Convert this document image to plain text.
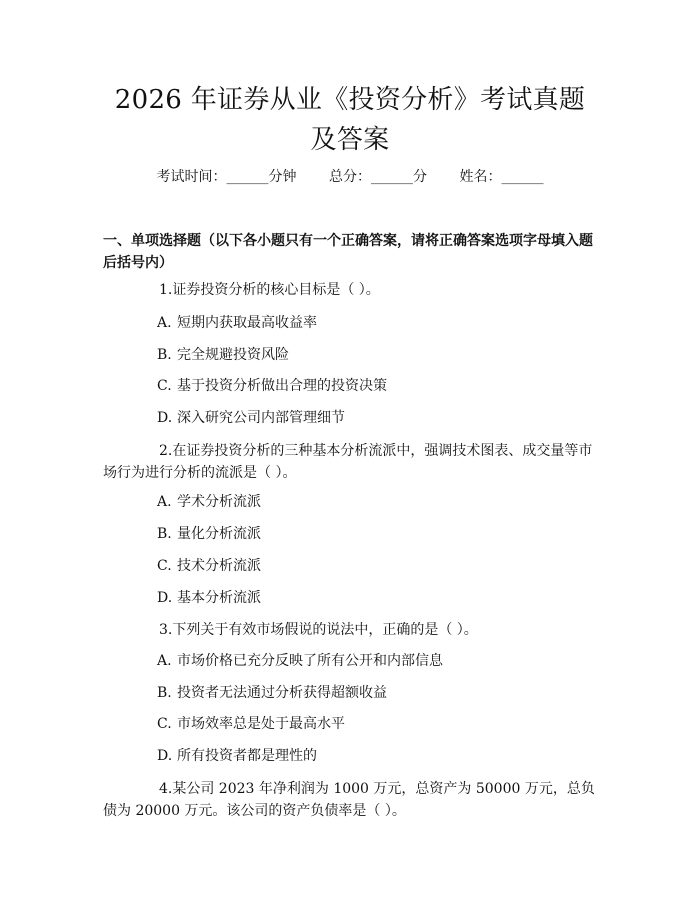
2026 年证券从业《投资分析》考试真题及答案
考试时间：______分钟 总分：______分 姓名：______
一、单项选择题（以下各小题只有一个正确答案，请将正确答案选项字母填入题后括号内）
1.证券投资分析的核心目标是（ ）。
A. 短期内获取最高收益率
B. 完全规避投资风险
C. 基于投资分析做出合理的投资决策
D. 深入研究公司内部管理细节
2.在证券投资分析的三种基本分析流派中，强调技术图表、成交量等市场行为进行分析的流派是（ ）。
A. 学术分析流派
B. 量化分析流派
C. 技术分析流派
D. 基本分析流派
3.下列关于有效市场假说的说法中，正确的是（ ）。
A. 市场价格已充分反映了所有公开和内部信息
B. 投资者无法通过分析获得超额收益
C. 市场效率总是处于最高水平
D. 所有投资者都是理性的
4.某公司 2023 年净利润为 1000 万元，总资产为 50000 万元，总负债为 20000 万元。该公司的资产负债率是（ ）。
